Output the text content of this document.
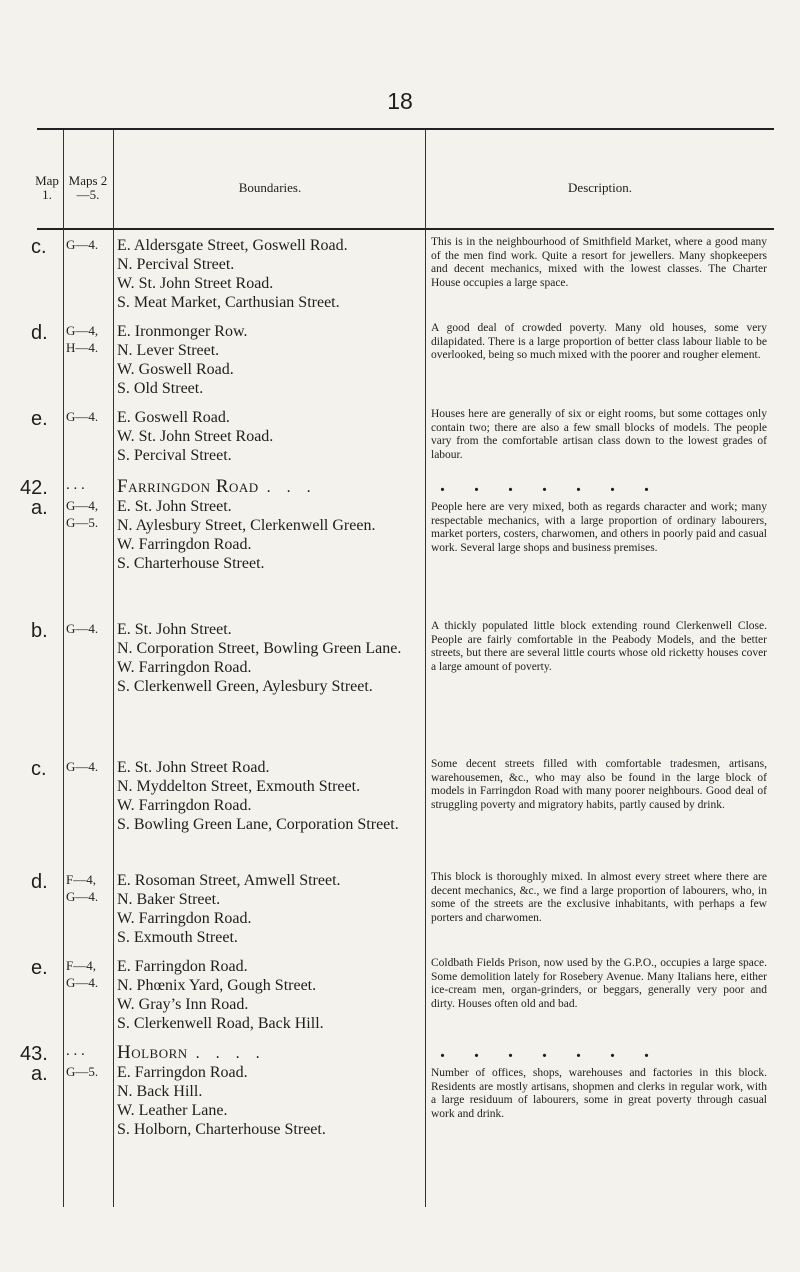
18
Map 1.
Maps 2—5.	Boundaries.	Description.
c.	G—4.	E. Aldersgate Street, Goswell Road.
N. Percival Street.
W. St. John Street Road.
S. Meat Market, Carthusian Street.
This is in the neighbourhood of Smithfield Market, where a good many of the men find work. Quite a resort for jewellers. Many shopkeepers and decent mechanics, mixed with the lowest classes. The Charter House occupies a large space.
d.	G—4,
H—4.
E. Ironmonger Row.
N. Lever Street.
W. Goswell Road.
S. Old Street.
A good deal of crowded poverty. Many old houses, some very dilapidated. There is a large proportion of better class labour liable to be overlooked, being so much mixed with the poorer and rougher element.
e.	G—4.	E. Goswell Road.
W. St. John Street Road.
S. Percival Street.
Houses here are generally of six or eight rooms, but some cottages only contain two; there are also a few small blocks of models. The people vary from the comfortable artisan class down to the lowest grades of labour.
42. . . .	Farringdon Road . . .	. . . . . . .
a.	G—4,
G—5.
E. St. John Street.
N. Aylesbury Street, Clerkenwell Green.
W. Farringdon Road.
S. Charterhouse Street.
People here are very mixed, both as regards character and work; many respectable mechanics, with a large proportion of ordinary labourers, market porters, costers, charwomen, and others in poorly paid and casual work. Several large shops and business premises.
b.	G—4.	E. St. John Street.
N. Corporation Street, Bowling Green Lane.
W. Farringdon Road.
S. Clerkenwell Green, Aylesbury Street.
A thickly populated little block extending round Clerkenwell Close. People are fairly comfortable in the Peabody Models, and the better streets, but there are several little courts whose old ricketty houses cover a large amount of poverty.
c.	G—4.	E. St. John Street Road.
N. Myddelton Street, Exmouth Street.
W. Farringdon Road.
S. Bowling Green Lane, Corporation Street.
Some decent streets filled with comfortable tradesmen, artisans, warehousemen, &c., who may also be found in the large block of models in Farringdon Road with many poorer neighbours. Good deal of struggling poverty and migratory habits, partly caused by drink.
d.	F—4,
G—4.
E. Rosoman Street, Amwell Street.
N. Baker Street.
W. Farringdon Road.
S. Exmouth Street.
This block is thoroughly mixed. In almost every street where there are decent mechanics, &c., we find a large proportion of labourers, who, in some of the streets are the exclusive inhabitants, with perhaps a few porters and charwomen.
e.	F—4,
G—4.
E. Farringdon Road.
N. Phœnix Yard, Gough Street.
W. Gray’s Inn Road.
S. Clerkenwell Road, Back Hill.
Coldbath Fields Prison, now used by the G.P.O., occupies a large space. Some demolition lately for Rosebery Avenue. Many Italians here, either ice-cream men, organ-grinders, or beggars, generally very poor and dirty. Houses often old and bad.
43. . . .	Holborn . . . .	. . . . . . .
a.	G—5.	E. Farringdon Road.
N. Back Hill.
W. Leather Lane.
S. Holborn, Charterhouse Street.
Number of offices, shops, warehouses and factories in this block. Residents are mostly artisans, shopmen and clerks in regular work, with a large residuum of labourers, some in great poverty through casual work and drink.
